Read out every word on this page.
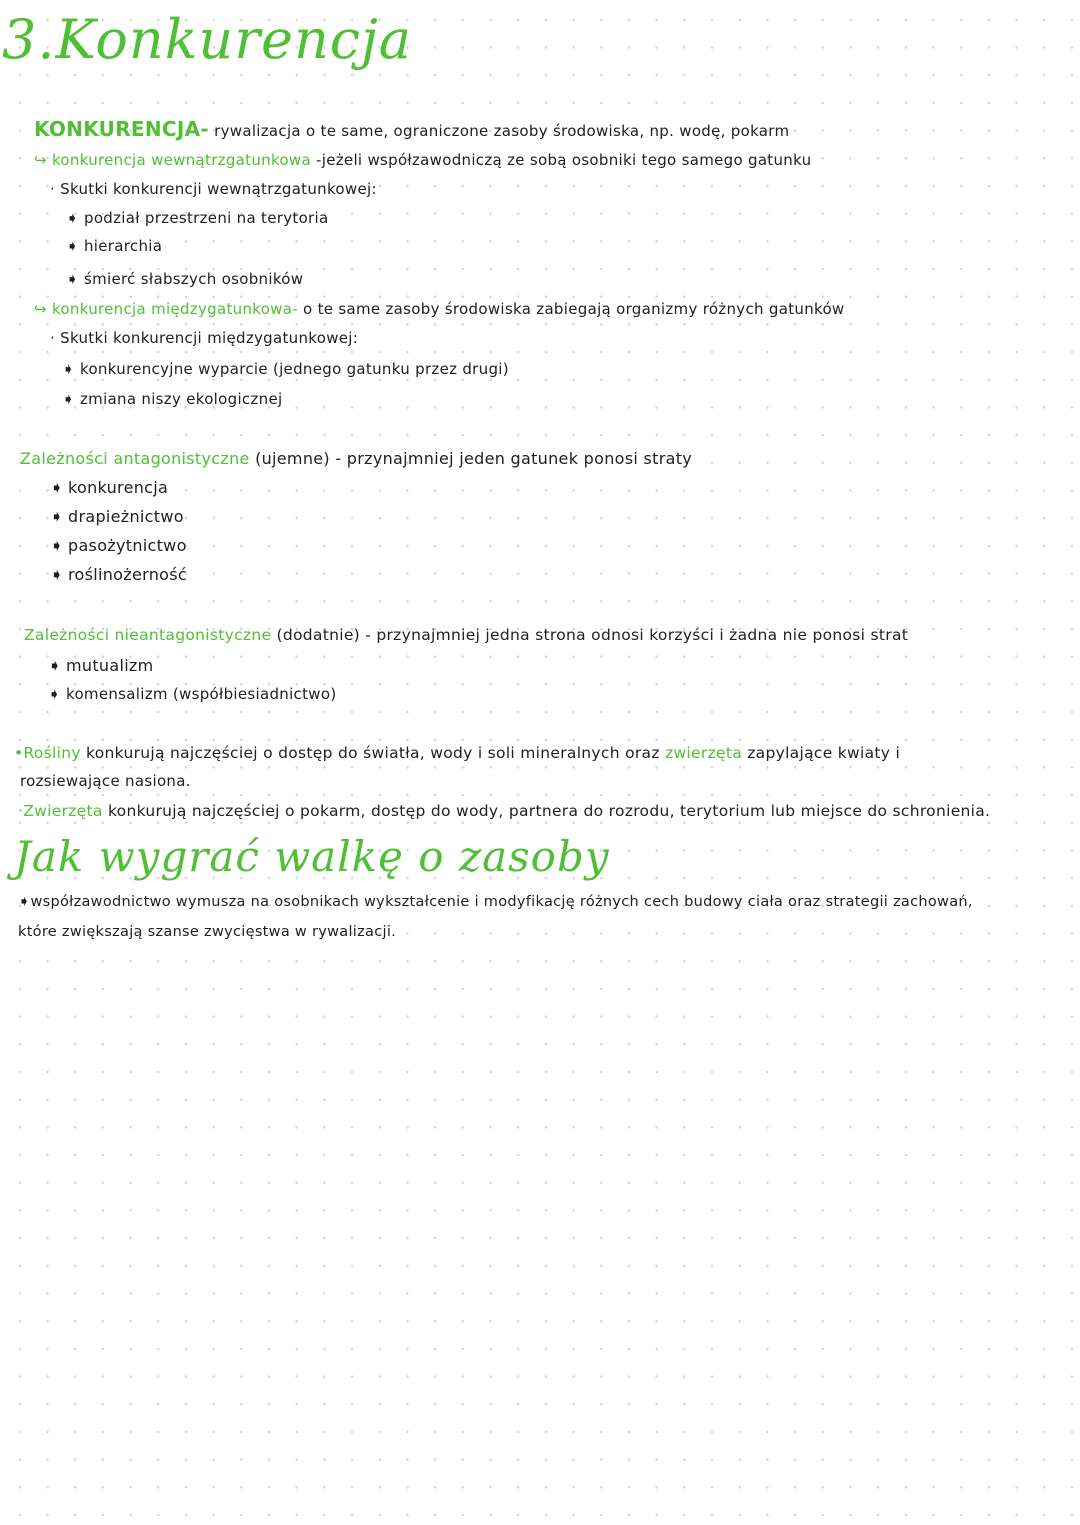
3.Konkurencja
KONKURENCJA- rywalizacja o te same, ograniczone zasoby środowiska, np. wodę, pokarm
↪ konkurencja wewnątrzgatunkowa -jeżeli współzawodniczą ze sobą osobniki tego samego gatunku
· Skutki konkurencji wewnątrzgatunkowej:
➧ podział przestrzeni na terytoria
➧ hierarchia
➧ śmierć słabszych osobników
↪ konkurencja międzygatunkowa- o te same zasoby środowiska zabiegają organizmy różnych gatunków
· Skutki konkurencji międzygatunkowej:
➧ konkurencyjne wyparcie (jednego gatunku przez drugi)
➧ zmiana niszy ekologicznej
Zależności antagonistyczne (ujemne) - przynajmniej jeden gatunek ponosi straty
➧ konkurencja
➧ drapieżnictwo
➧ pasożytnictwo
➧ roślinożerność
Zależności nieantagonistyczne (dodatnie) - przynajmniej jedna strona odnosi korzyści i żadna nie ponosi strat
➧ mutualizm
➧ komensalizm (współbiesiadnictwo)
•Rośliny konkurują najczęściej o dostęp do światła, wody i soli mineralnych oraz zwierzęta zapylające kwiaty i
rozsiewające nasiona.
·Zwierzęta konkurują najczęściej o pokarm, dostęp do wody, partnera do rozrodu, terytorium lub miejsce do schronienia.
Jak wygrać walkę o zasoby
➧współzawodnictwo wymusza na osobnikach wykształcenie i modyfikację różnych cech budowy ciała oraz strategii zachowań,
które zwiększają szanse zwycięstwa w rywalizacji.
